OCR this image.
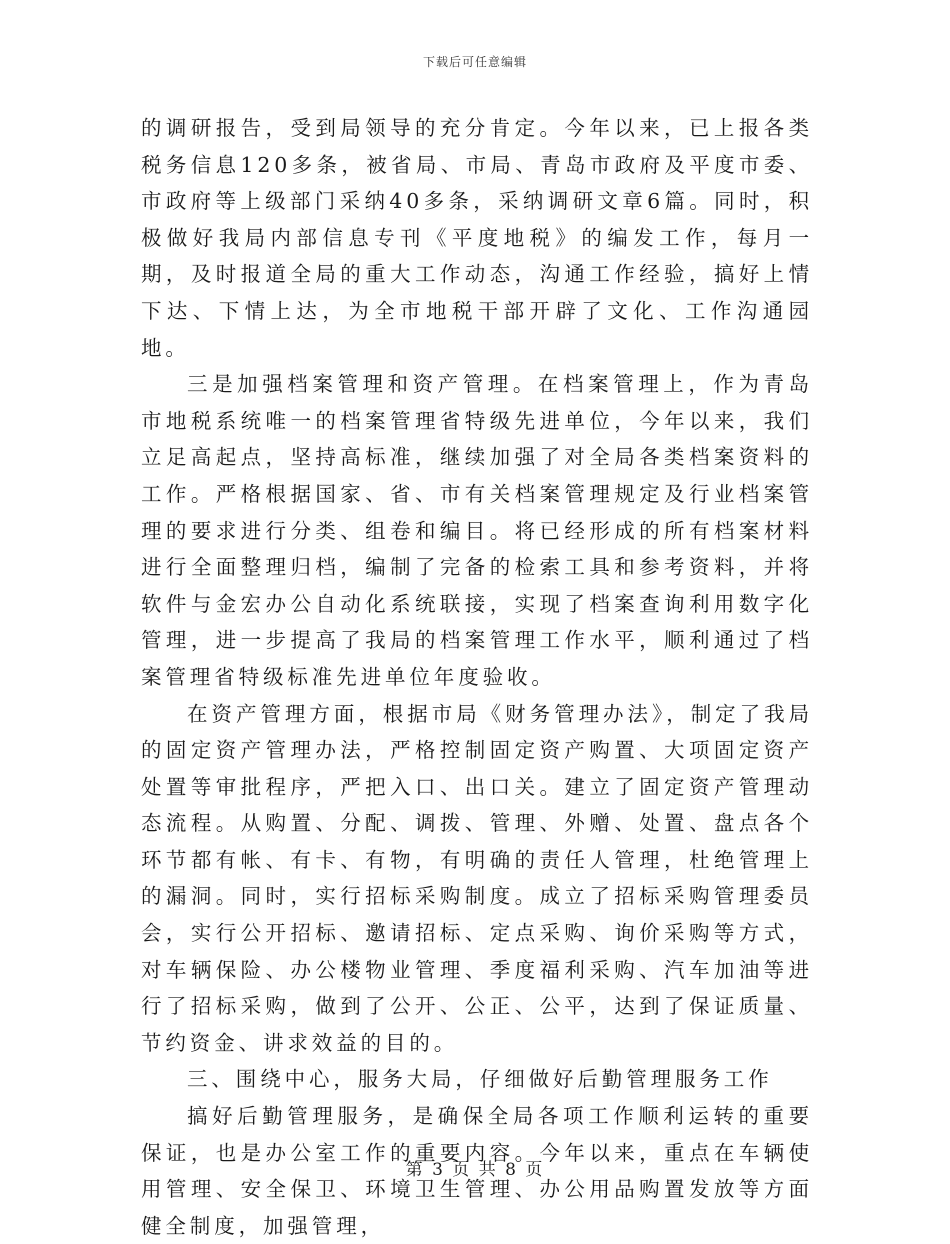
下载后可任意编辑

的调研报告，受到局领导的充分肯定。今年以来，已上报各类税务信息120多条，被省局、市局、青岛市政府及平度市委、市政府等上级部门采纳40多条，采纳调研文章6篇。同时，积极做好我局内部信息专刊《平度地税》的编发工作，每月一期，及时报道全局的重大工作动态，沟通工作经验，搞好上情下达、下情上达，为全市地税干部开辟了文化、工作沟通园地。

三是加强档案管理和资产管理。在档案管理上，作为青岛市地税系统唯一的档案管理省特级先进单位，今年以来，我们立足高起点，坚持高标准，继续加强了对全局各类档案资料的工作。严格根据国家、省、市有关档案管理规定及行业档案管理的要求进行分类、组卷和编目。将已经形成的所有档案材料进行全面整理归档，编制了完备的检索工具和参考资料，并将软件与金宏办公自动化系统联接，实现了档案查询利用数字化管理，进一步提高了我局的档案管理工作水平，顺利通过了档案管理省特级标准先进单位年度验收。

在资产管理方面，根据市局《财务管理办法》，制定了我局的固定资产管理办法，严格控制固定资产购置、大项固定资产处置等审批程序，严把入口、出口关。建立了固定资产管理动态流程。从购置、分配、调拨、管理、外赠、处置、盘点各个环节都有帐、有卡、有物，有明确的责任人管理，杜绝管理上的漏洞。同时，实行招标采购制度。成立了招标采购管理委员会，实行公开招标、邀请招标、定点采购、询价采购等方式，对车辆保险、办公楼物业管理、季度福利采购、汽车加油等进行了招标采购，做到了公开、公正、公平，达到了保证质量、节约资金、讲求效益的目的。

三、围绕中心，服务大局，仔细做好后勤管理服务工作

搞好后勤管理服务，是确保全局各项工作顺利运转的重要保证，也是办公室工作的重要内容。今年以来，重点在车辆使用管理、安全保卫、环境卫生管理、办公用品购置发放等方面健全制度，加强管理，

第 3 页 共 8 页
